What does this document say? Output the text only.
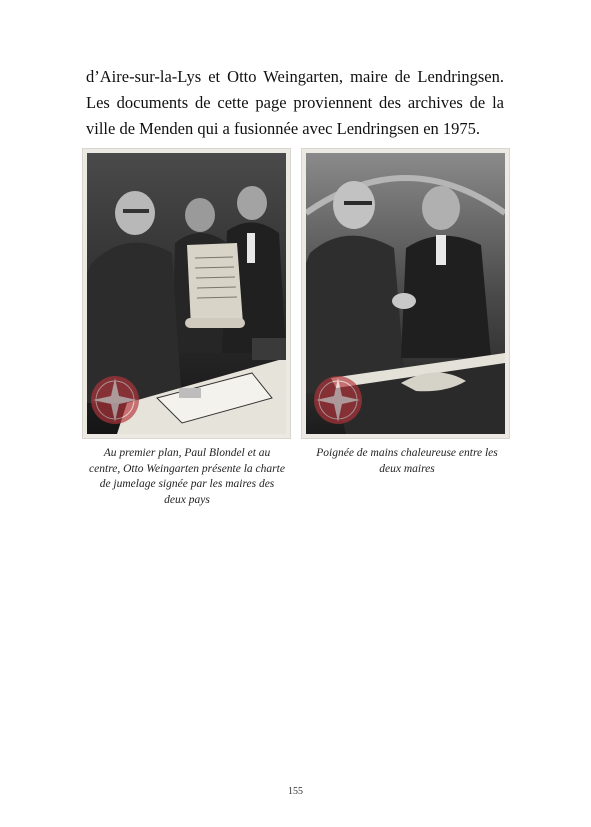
d’Aire-sur-la-Lys et Otto Weingarten, maire de Lendringsen. Les documents de cette page proviennent des archives de la ville de Menden qui a fusionnée avec Lendringsen en 1975.

Au premier plan, Paul Blondel et au centre, Otto Weingarten présente la charte de jumelage signée par les maires des deux pays

Poignée de mains chaleureuse entre les deux maires

155
